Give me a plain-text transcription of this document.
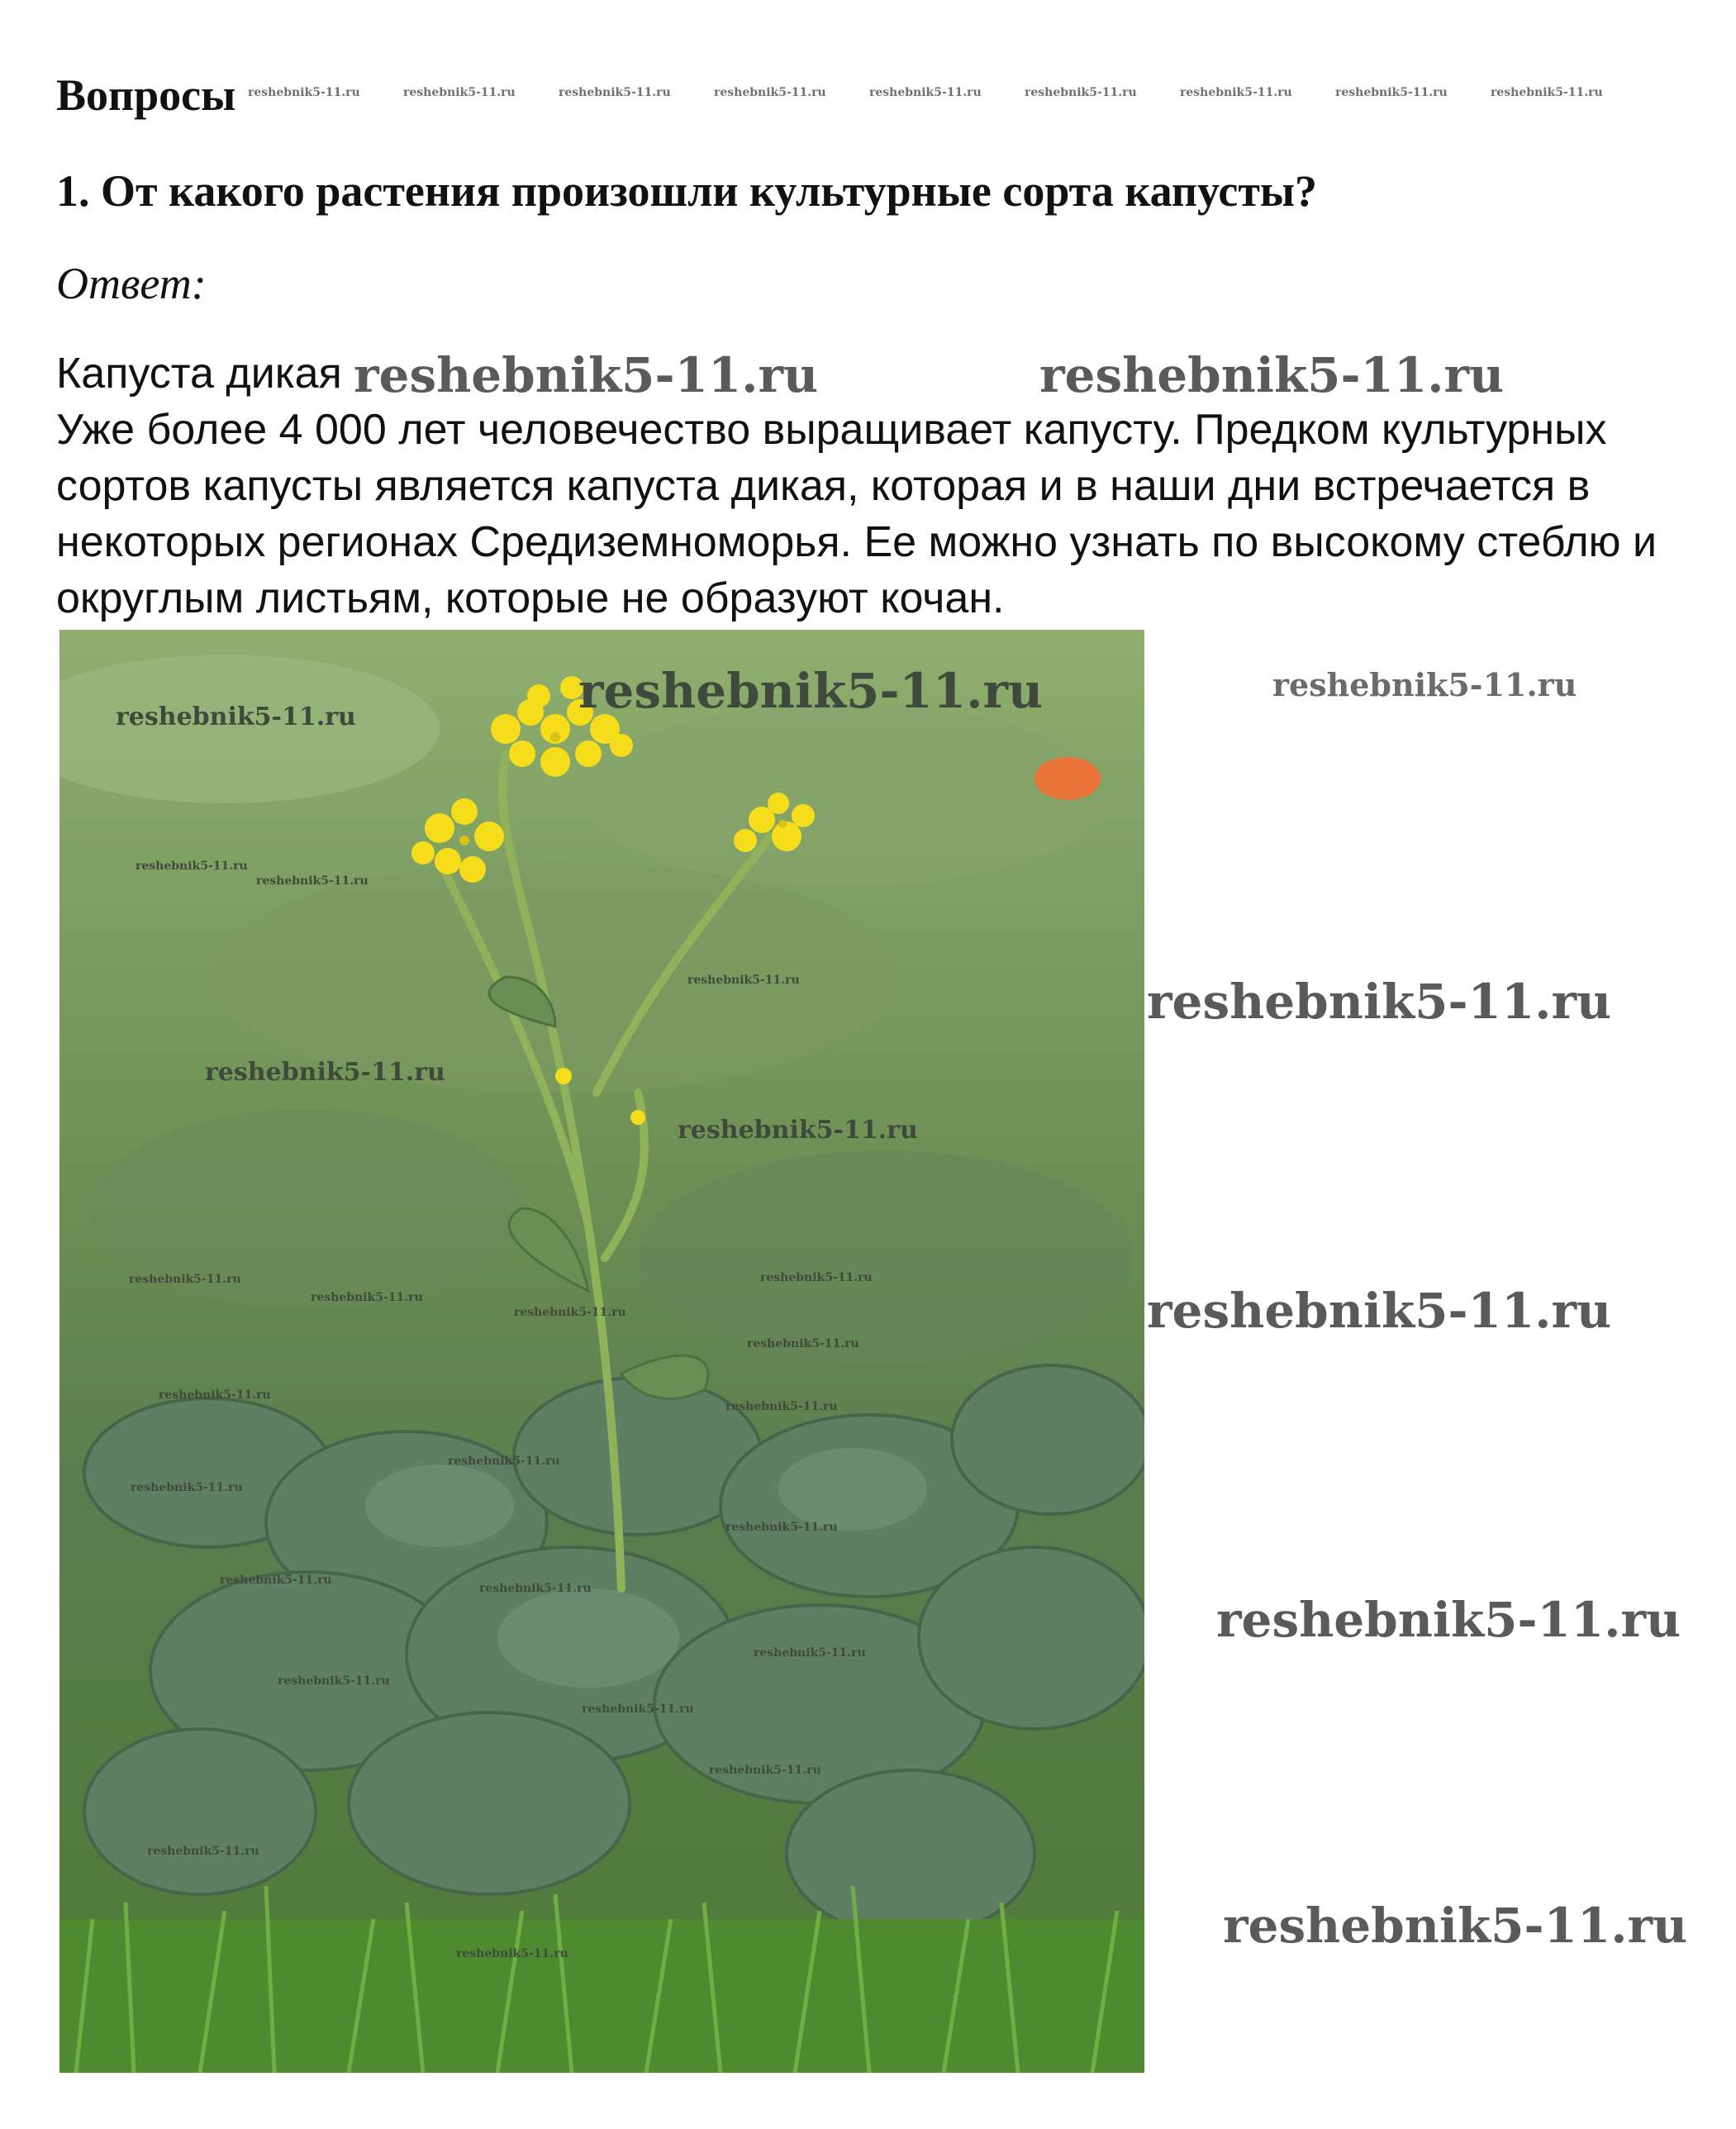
Вопросы reshebnik5-11.ru	reshebnik5-11.ru	reshebnik5-11.ru	reshebnik5-11.ru	reshebnik5-11.ru	reshebnik5-11.ru	reshebnik5-11.ru	reshebnik5-11.ru	reshebnik5-11.ru
1. От какого растения произошли культурные сорта капусты?

Ответ:

Капуста дикая

Уже более 4 000 лет человечество выращивает капусту. Предком культурных сортов капусты является капуста дикая, которая и в наши дни встречается в некоторых регионах Средиземноморья. Ее можно узнать по высокому стеблю и округлым листьям, которые не образуют кочан.

reshebnik5-11.ru	reshebnik5-11.ru
reshebnik5-11.ru	reshebnik5-11.ru
reshebnik5-11.ru
reshebnik5-11.ru
reshebnik5-11.ru
reshebnik5-11.ru
reshebnik5-11.ru
reshebnik5-11.ru
reshebnik5-11.ru
reshebnik5-11.ru
reshebnik5-11.ru
reshebnik5-11.ru
reshebnik5-11.ru
reshebnik5-11.ru
reshebnik5-11.ru
reshebnik5-11.ru
reshebnik5-11.ru
reshebnik5-11.ru
reshebnik5-11.ru
reshebnik5-11.ru
reshebnik5-11.ru
reshebnik5-11.ru
reshebnik5-11.ru
reshebnik5-11.ru
reshebnik5-11.ru
reshebnik5-11.ru
reshebnik5-11.ru
reshebnik5-11.ru
reshebnik5-11.ru
reshebnik5-11.ru
